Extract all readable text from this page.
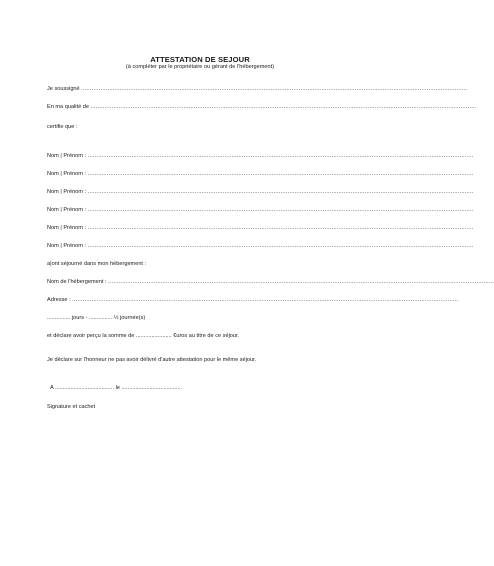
ATTESTATION DE SEJOUR
(à compléter par le propriétaire ou gérant de l'hébergement)
Je soussigné ............................................................................................................................................................................................................................
En ma qualité de ............................................................................................................................................................................................................................
certifie que :
Nom | Prénom : ............................................................................................................................................................................................................................
Nom | Prénom : ............................................................................................................................................................................................................................
Nom | Prénom : ............................................................................................................................................................................................................................
Nom | Prénom : ............................................................................................................................................................................................................................
Nom | Prénom : ............................................................................................................................................................................................................................
Nom | Prénom : ............................................................................................................................................................................................................................
a|ont séjourné dans mon hébergement :
Nom de l'hébergement : ............................................................................................................................................................................................................................
Adresse : ............................................................................................................................................................................................................................
............... jours - ............... ½ journée(s)
et déclare avoir perçu la somme de ....................... €uros au titre de ce séjour.
Je déclare sur l'honneur ne pas avoir délivré d'autre attestation pour le même séjour.
A ...................................... le .......................................
Signature et cachet
